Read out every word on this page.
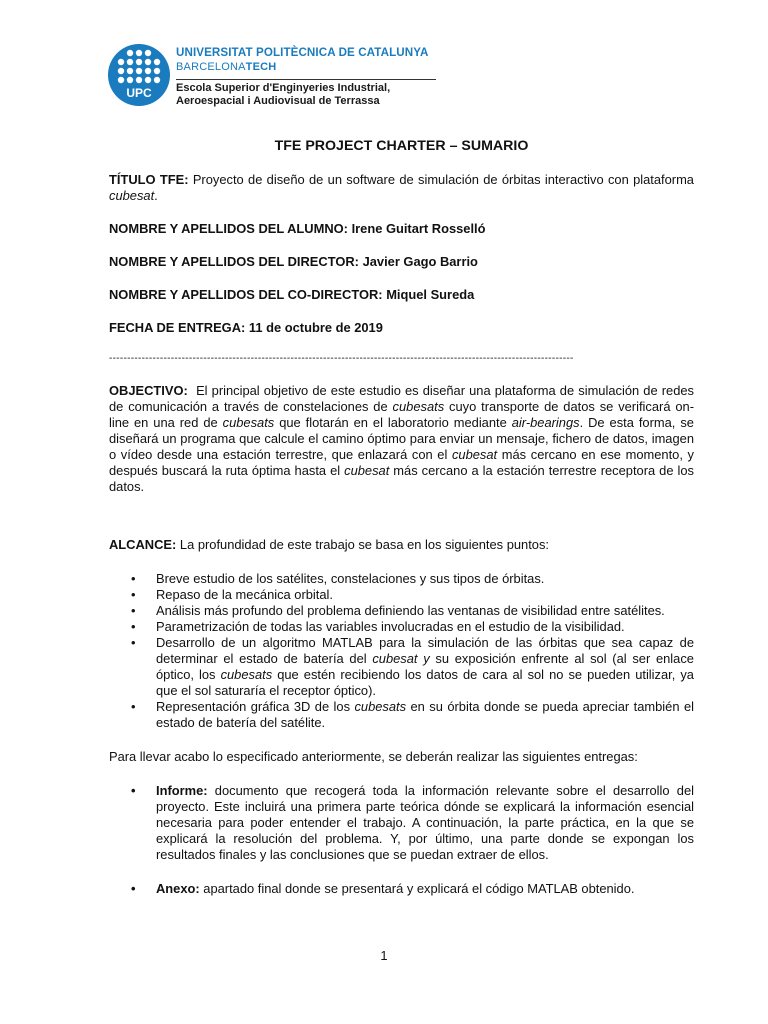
UPC
UNIVERSITAT POLITÈCNICA DE CATALUNYA
BARCELONATECH
Escola Superior d'Enginyeries Industrial,
Aeroespacial i Audiovisual de Terrassa
TFE PROJECT CHARTER – SUMARIO

TÍTULO TFE: Proyecto de diseño de un software de simulación de órbitas interactivo con plataforma cubesat.

NOMBRE Y APELLIDOS DEL ALUMNO: Irene Guitart Rosselló

NOMBRE Y APELLIDOS DEL DIRECTOR: Javier Gago Barrio

NOMBRE Y APELLIDOS DEL CO-DIRECTOR: Miquel Sureda

FECHA DE ENTREGA: 11 de octubre de 2019

--------------------------------------------------------------------------------------------------------------------------------

OBJECTIVO: El principal objetivo de este estudio es diseñar una plataforma de simulación de redes de comunicación a través de constelaciones de cubesats cuyo transporte de datos se verificará on-line en una red de cubesats que flotarán en el laboratorio mediante air-bearings. De esta forma, se diseñará un programa que calcule el camino óptimo para enviar un mensaje, fichero de datos, imagen o vídeo desde una estación terrestre, que enlazará con el cubesat más cercano en ese momento, y después buscará la ruta óptima hasta el cubesat más cercano a la estación terrestre receptora de los datos.

ALCANCE: La profundidad de este trabajo se basa en los siguientes puntos:

• Breve estudio de los satélites, constelaciones y sus tipos de órbitas.
• Repaso de la mecánica orbital.
• Análisis más profundo del problema definiendo las ventanas de visibilidad entre satélites.
• Parametrización de todas las variables involucradas en el estudio de la visibilidad.
• Desarrollo de un algoritmo MATLAB para la simulación de las órbitas que sea capaz de determinar el estado de batería del cubesat y su exposición enfrente al sol (al ser enlace óptico, los cubesats que estén recibiendo los datos de cara al sol no se pueden utilizar, ya que el sol saturaría el receptor óptico).
• Representación gráfica 3D de los cubesats en su órbita donde se pueda apreciar también el estado de batería del satélite.

Para llevar acabo lo especificado anteriormente, se deberán realizar las siguientes entregas:

• Informe: documento que recogerá toda la información relevante sobre el desarrollo del proyecto. Este incluirá una primera parte teórica dónde se explicará la información esencial necesaria para poder entender el trabajo. A continuación, la parte práctica, en la que se explicará la resolución del problema. Y, por último, una parte donde se expongan los resultados finales y las conclusiones que se puedan extraer de ellos.
• Anexo: apartado final donde se presentará y explicará el código MATLAB obtenido.
1
